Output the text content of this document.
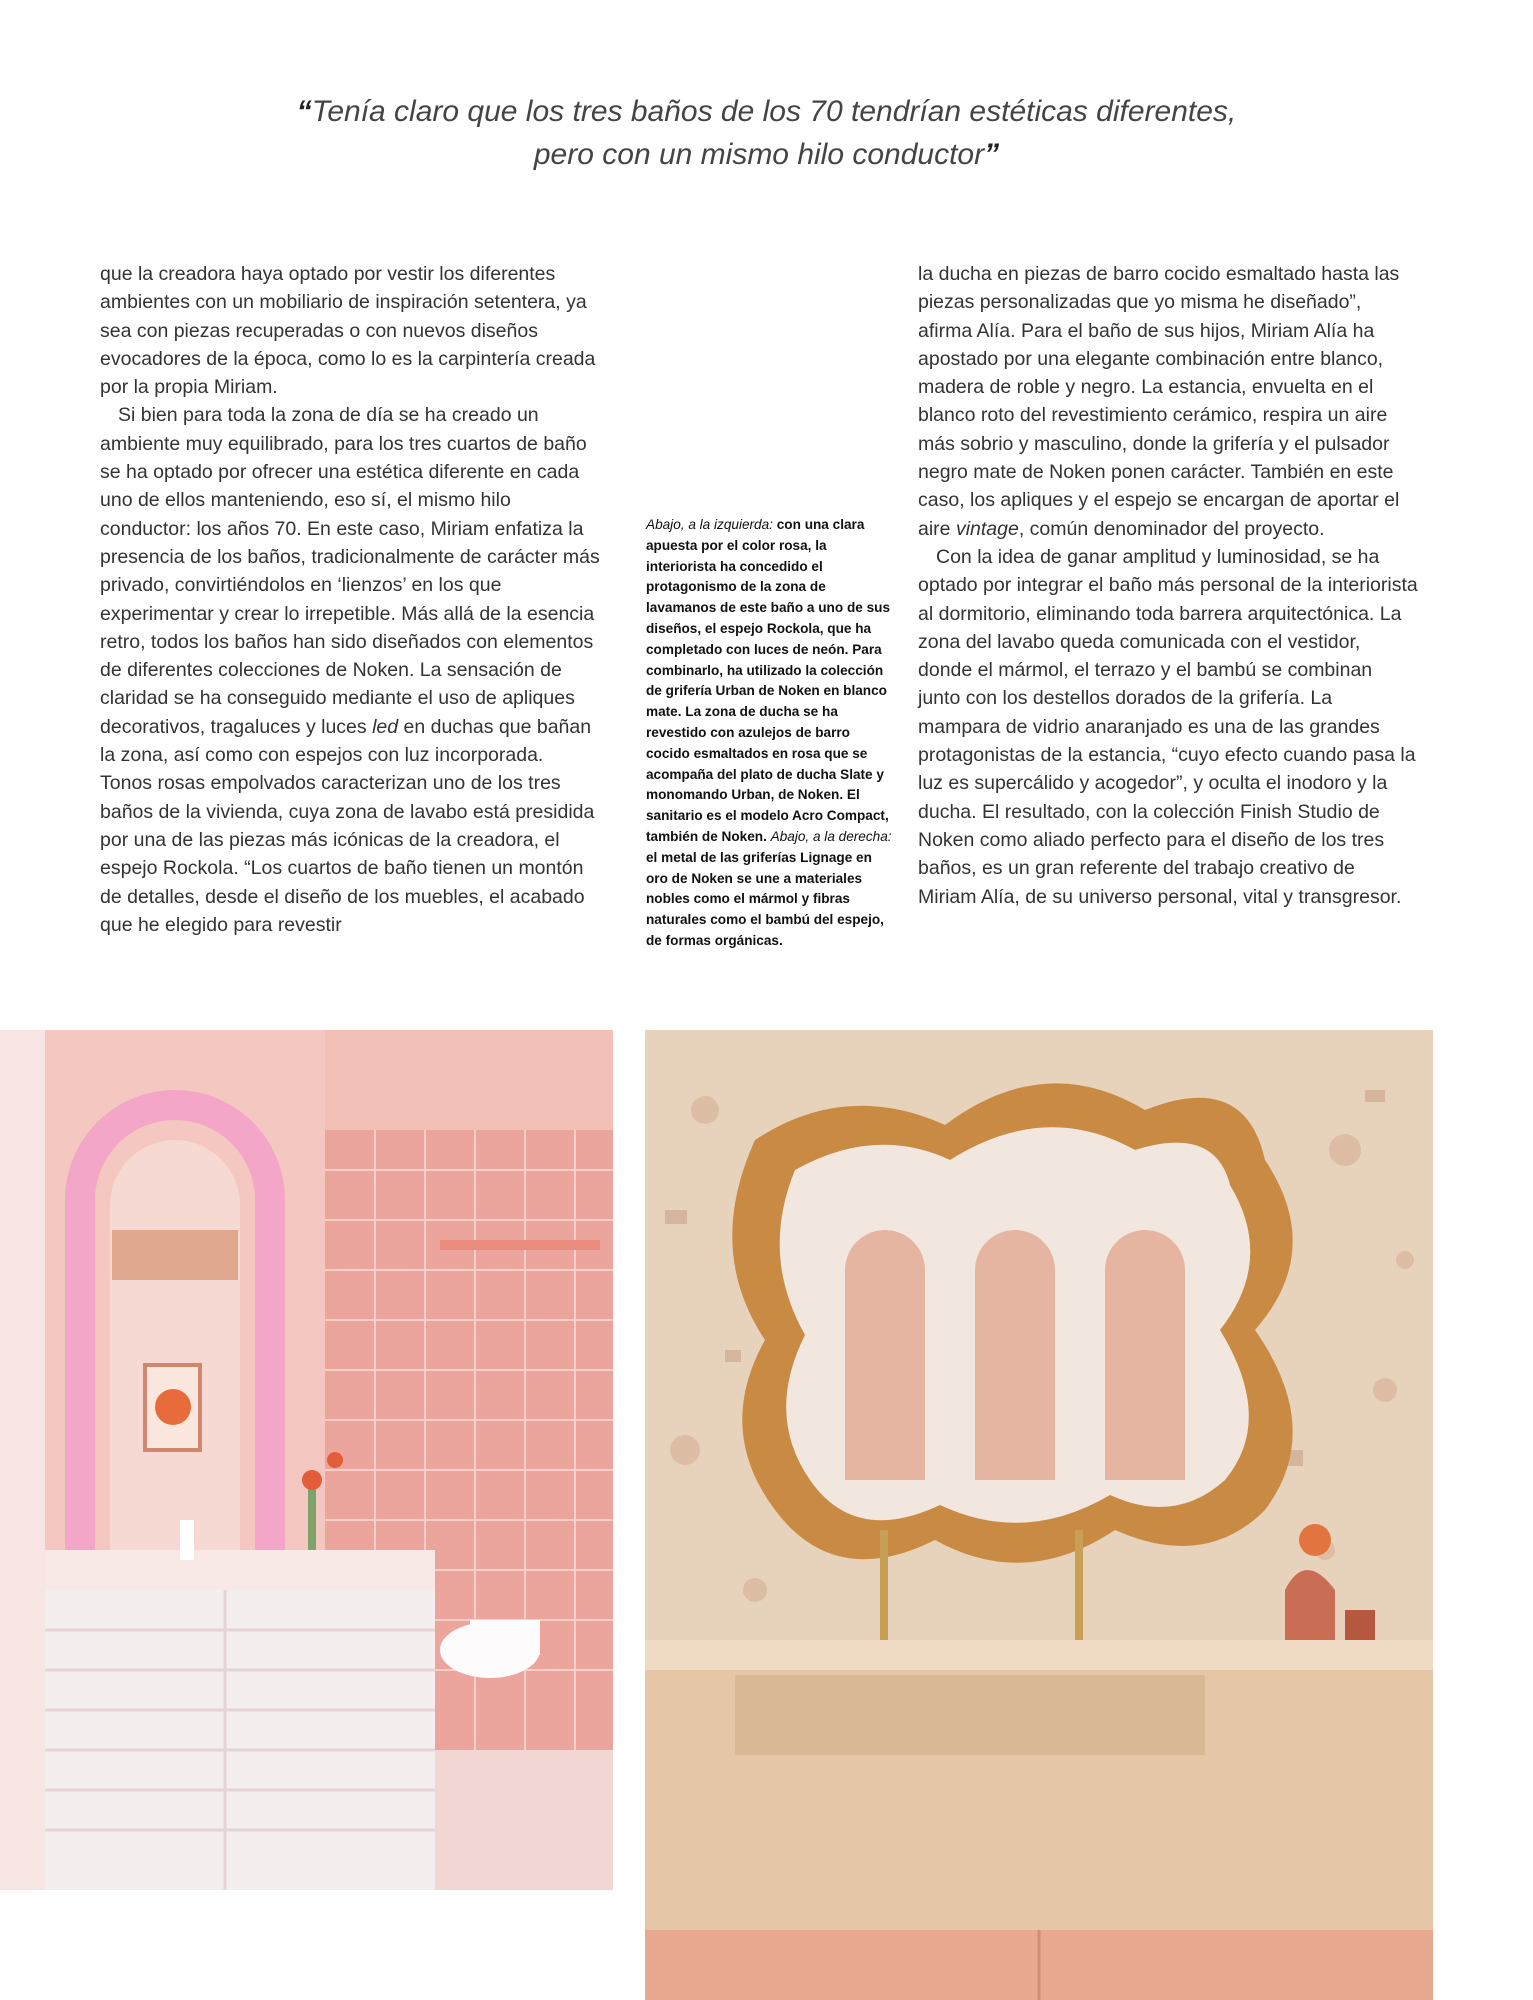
“Tenía claro que los tres baños de los 70 tendrían estéticas diferentes,
pero con un mismo hilo conductor”

que la creadora haya optado por vestir los diferentes ambientes con un mobiliario de inspiración setentera, ya sea con piezas recuperadas o con nuevos diseños evocadores de la época, como lo es la carpintería creada por la propia Miriam.

Si bien para toda la zona de día se ha creado un ambiente muy equilibrado, para los tres cuartos de baño se ha optado por ofrecer una estética diferente en cada uno de ellos manteniendo, eso sí, el mismo hilo conductor: los años 70. En este caso, Miriam enfatiza la presencia de los baños, tradicionalmente de carácter más privado, convirtiéndolos en ‘lienzos’ en los que experimentar y crear lo irrepetible. Más allá de la esencia retro, todos los baños han sido diseñados con elementos de diferentes colecciones de Noken. La sensación de claridad se ha conseguido mediante el uso de apliques decorativos, tragaluces y luces led en duchas que bañan la zona, así como con espejos con luz incorporada. Tonos rosas empolvados caracterizan uno de los tres baños de la vivienda, cuya zona de lavabo está presidida por una de las piezas más icónicas de la creadora, el espejo Rockola. “Los cuartos de baño tienen un montón de detalles, desde el diseño de los muebles, el acabado que he elegido para revestir

Abajo, a la izquierda: con una clara apuesta por el color rosa, la interiorista ha concedido el protagonismo de la zona de lavamanos de este baño a uno de sus diseños, el espejo Rockola, que ha completado con luces de neón. Para combinarlo, ha utilizado la colección de grifería Urban de Noken en blanco mate. La zona de ducha se ha revestido con azulejos de barro cocido esmaltados en rosa que se acompaña del plato de ducha Slate y monomando Urban, de Noken. El sanitario es el modelo Acro Compact, también de Noken. Abajo, a la derecha: el metal de las griferías Lignage en oro de Noken se une a materiales nobles como el mármol y fibras naturales como el bambú del espejo, de formas orgánicas.

la ducha en piezas de barro cocido esmaltado hasta las piezas personalizadas que yo misma he diseñado”, afirma Alía. Para el baño de sus hijos, Miriam Alía ha apostado por una elegante combinación entre blanco, madera de roble y negro. La estancia, envuelta en el blanco roto del revestimiento cerámico, respira un aire más sobrio y masculino, donde la grifería y el pulsador negro mate de Noken ponen carácter. También en este caso, los apliques y el espejo se encargan de aportar el aire vintage, común denominador del proyecto.

Con la idea de ganar amplitud y luminosidad, se ha optado por integrar el baño más personal de la interiorista al dormitorio, eliminando toda barrera arquitectónica. La zona del lavabo queda comunicada con el vestidor, donde el mármol, el terrazo y el bambú se combinan junto con los destellos dorados de la grifería. La mampara de vidrio anaranjado es una de las grandes protagonistas de la estancia, “cuyo efecto cuando pasa la luz es supercálido y acogedor”, y oculta el inodoro y la ducha. El resultado, con la colección Finish Studio de Noken como aliado perfecto para el diseño de los tres baños, es un gran referente del trabajo creativo de Miriam Alía, de su universo personal, vital y transgresor.
